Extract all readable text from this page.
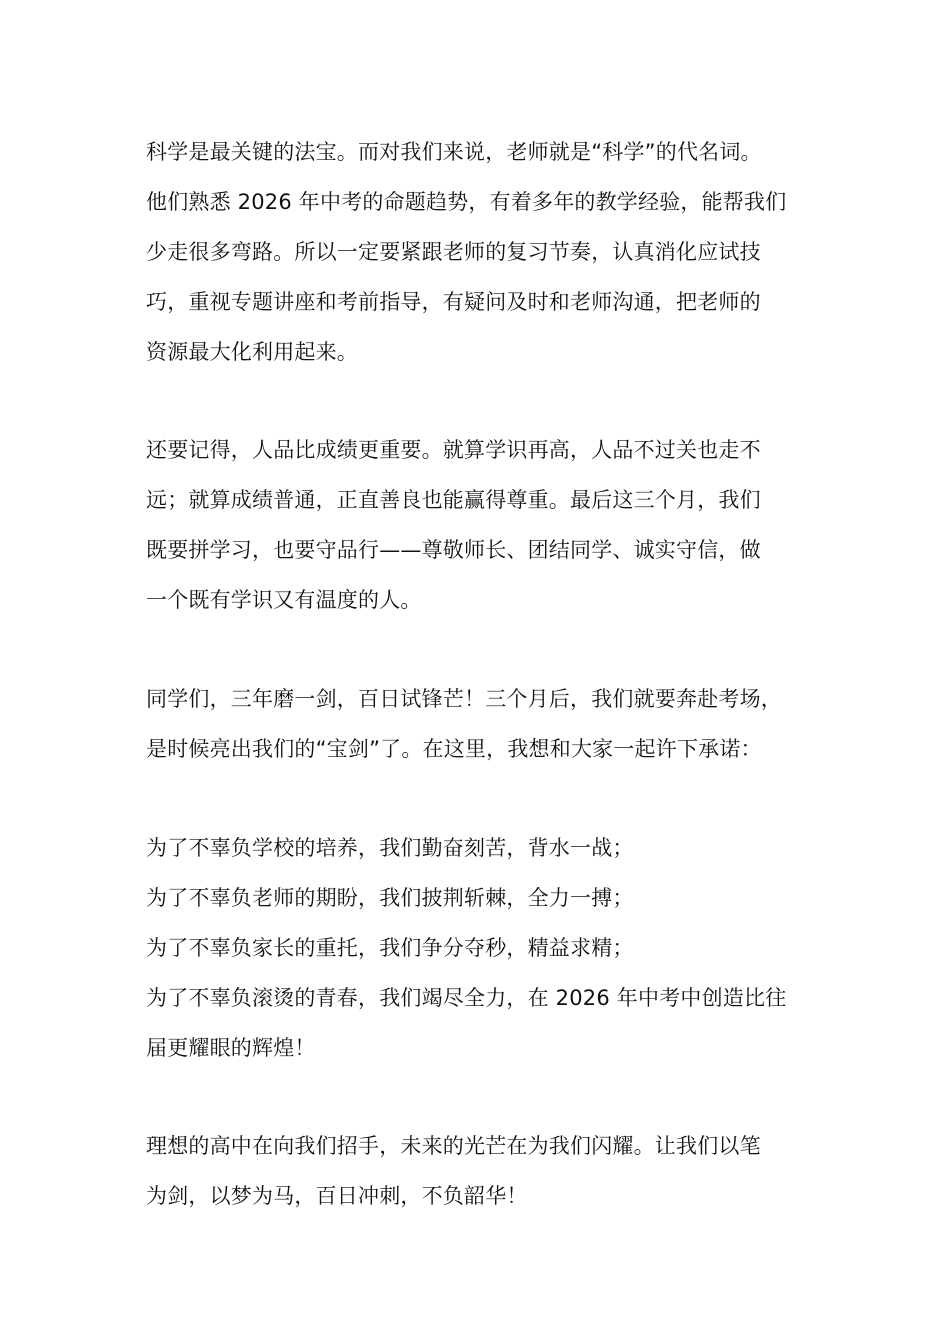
科学是最关键的法宝。而对我们来说，老师就是“科学”的代名词。

他们熟悉 2026 年中考的命题趋势，有着多年的教学经验，能帮我们

少走很多弯路。所以一定要紧跟老师的复习节奏，认真消化应试技

巧，重视专题讲座和考前指导，有疑问及时和老师沟通，把老师的

资源最大化利用起来。

还要记得，人品比成绩更重要。就算学识再高，人品不过关也走不

远；就算成绩普通，正直善良也能赢得尊重。最后这三个月，我们

既要拼学习，也要守品行——尊敬师长、团结同学、诚实守信，做

一个既有学识又有温度的人。

同学们，三年磨一剑，百日试锋芒！三个月后，我们就要奔赴考场，

是时候亮出我们的“宝剑”了。在这里，我想和大家一起许下承诺：

为了不辜负学校的培养，我们勤奋刻苦，背水一战；

为了不辜负老师的期盼，我们披荆斩棘，全力一搏；

为了不辜负家长的重托，我们争分夺秒，精益求精；

为了不辜负滚烫的青春，我们竭尽全力，在 2026 年中考中创造比往

届更耀眼的辉煌！

理想的高中在向我们招手，未来的光芒在为我们闪耀。让我们以笔

为剑，以梦为马，百日冲刺，不负韶华！
